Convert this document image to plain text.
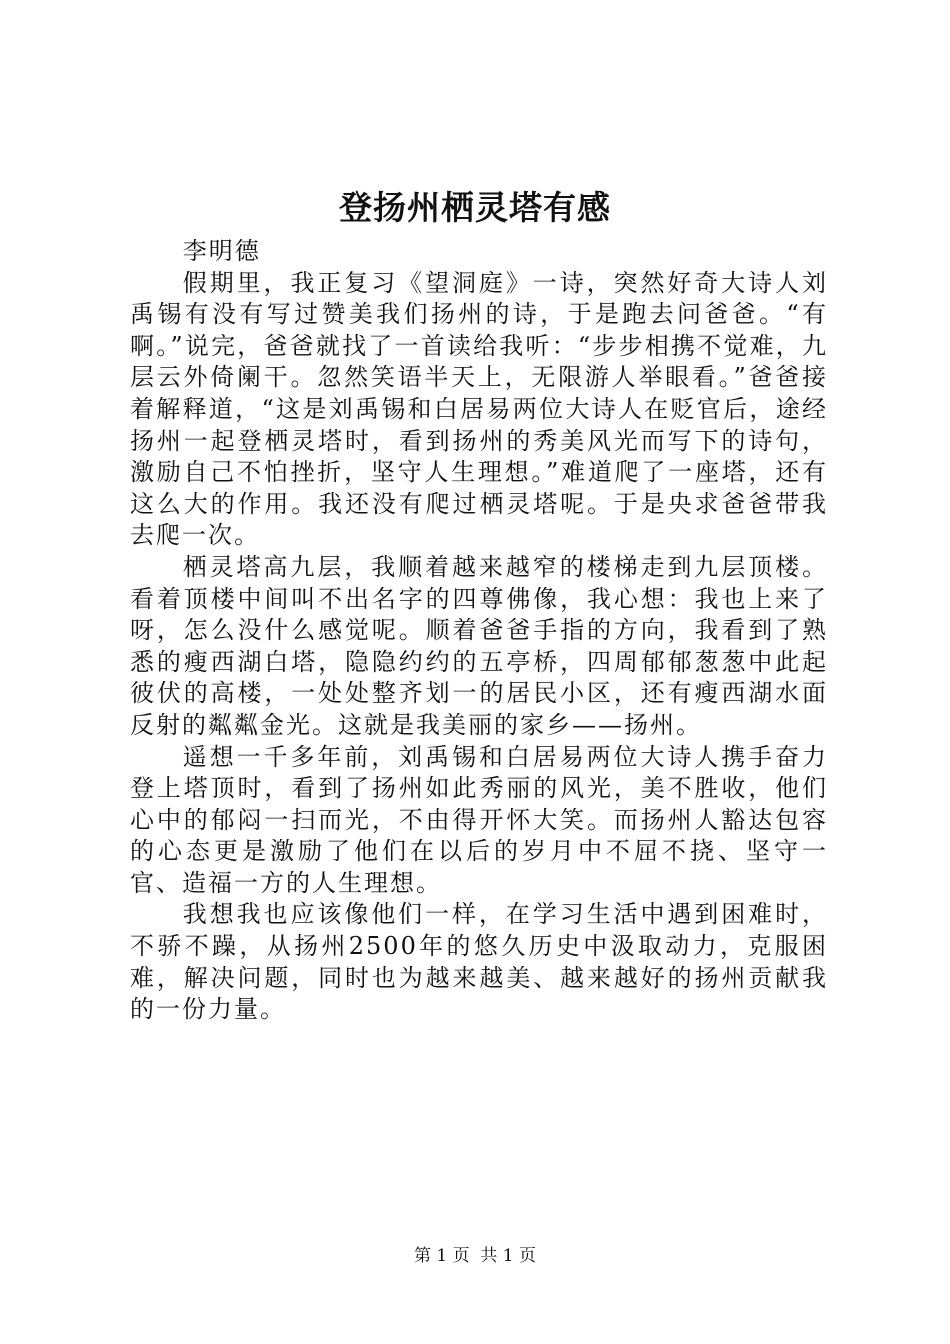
登扬州栖灵塔有感

李明德

假期里，我正复习《望洞庭》一诗，突然好奇大诗人刘禹锡有没有写过赞美我们扬州的诗，于是跑去问爸爸。“有啊。”说完，爸爸就找了一首读给我听：“步步相携不觉难，九层云外倚阑干。忽然笑语半天上，无限游人举眼看。”爸爸接着解释道，“这是刘禹锡和白居易两位大诗人在贬官后，途经扬州一起登栖灵塔时，看到扬州的秀美风光而写下的诗句，激励自己不怕挫折，坚守人生理想。”难道爬了一座塔，还有这么大的作用。我还没有爬过栖灵塔呢。于是央求爸爸带我去爬一次。

栖灵塔高九层，我顺着越来越窄的楼梯走到九层顶楼。看着顶楼中间叫不出名字的四尊佛像，我心想：我也上来了呀，怎么没什么感觉呢。顺着爸爸手指的方向，我看到了熟悉的瘦西湖白塔，隐隐约约的五亭桥，四周郁郁葱葱中此起彼伏的高楼，一处处整齐划一的居民小区，还有瘦西湖水面反射的粼粼金光。这就是我美丽的家乡——扬州。

遥想一千多年前，刘禹锡和白居易两位大诗人携手奋力登上塔顶时，看到了扬州如此秀丽的风光，美不胜收，他们心中的郁闷一扫而光，不由得开怀大笑。而扬州人豁达包容的心态更是激励了他们在以后的岁月中不屈不挠、坚守一官、造福一方的人生理想。

我想我也应该像他们一样，在学习生活中遇到困难时，不骄不躁，从扬州2500年的悠久历史中汲取动力，克服困难，解决问题，同时也为越来越美、越来越好的扬州贡献我的一份力量。

第 1 页  共 1 页
